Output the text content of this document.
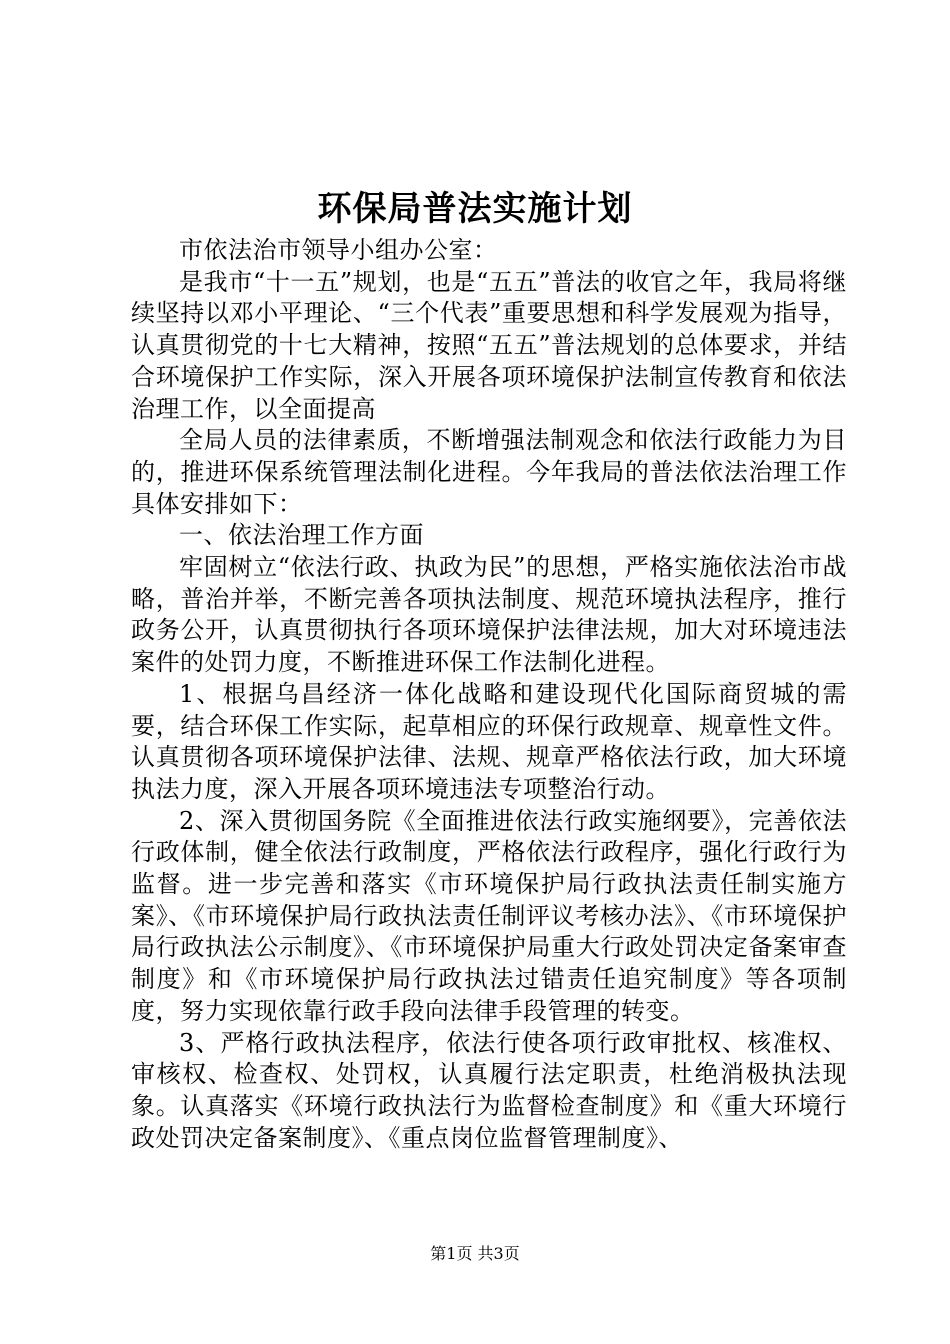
环保局普法实施计划

市依法治市领导小组办公室：

是我市“十一五”规划，也是“五五”普法的收官之年，我局将继续坚持以邓小平理论、“三个代表”重要思想和科学发展观为指导，认真贯彻党的十七大精神，按照“五五”普法规划的总体要求，并结合环境保护工作实际，深入开展各项环境保护法制宣传教育和依法治理工作，以全面提高

全局人员的法律素质，不断增强法制观念和依法行政能力为目的，推进环保系统管理法制化进程。今年我局的普法依法治理工作具体安排如下：

一、依法治理工作方面

牢固树立“依法行政、执政为民”的思想，严格实施依法治市战略，普治并举，不断完善各项执法制度、规范环境执法程序，推行政务公开，认真贯彻执行各项环境保护法律法规，加大对环境违法案件的处罚力度，不断推进环保工作法制化进程。

1、根据乌昌经济一体化战略和建设现代化国际商贸城的需要，结合环保工作实际，起草相应的环保行政规章、规章性文件。认真贯彻各项环境保护法律、法规、规章严格依法行政，加大环境执法力度，深入开展各项环境违法专项整治行动。

2、深入贯彻国务院《全面推进依法行政实施纲要》，完善依法行政体制，健全依法行政制度，严格依法行政程序，强化行政行为监督。进一步完善和落实《市环境保护局行政执法责任制实施方案》、《市环境保护局行政执法责任制评议考核办法》、《市环境保护局行政执法公示制度》、《市环境保护局重大行政处罚决定备案审查制度》和《市环境保护局行政执法过错责任追究制度》等各项制度，努力实现依靠行政手段向法律手段管理的转变。

3、严格行政执法程序，依法行使各项行政审批权、核准权、审核权、检查权、处罚权，认真履行法定职责，杜绝消极执法现象。认真落实《环境行政执法行为监督检查制度》和《重大环境行政处罚决定备案制度》、《重点岗位监督管理制度》、

第1页 共3页
